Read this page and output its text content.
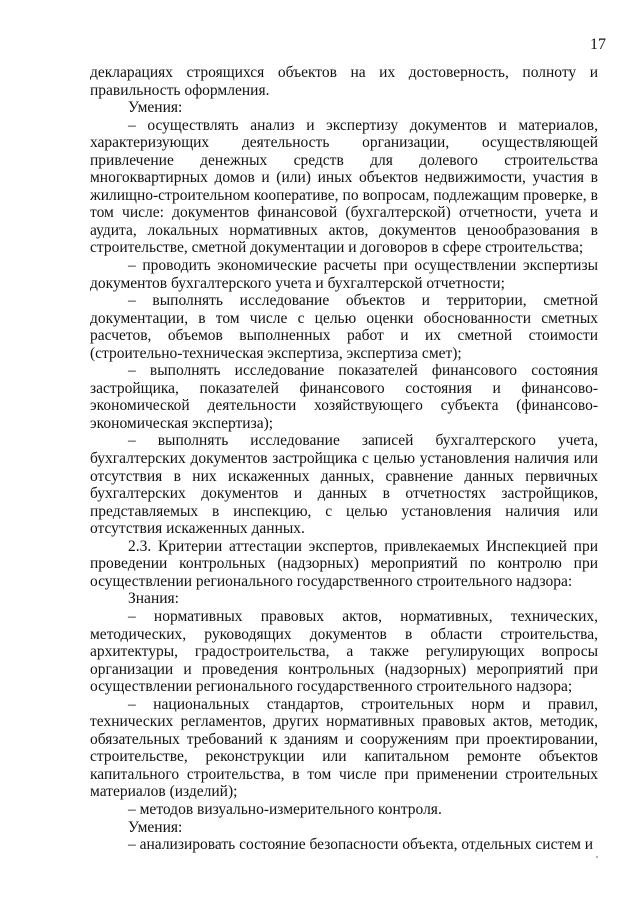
17

декларациях строящихся объектов на их достоверность, полноту и правильность оформления.

Умения:

– осуществлять анализ и экспертизу документов и материалов, характеризующих деятельность организации, осуществляющей привлечение денежных средств для долевого строительства многоквартирных домов и (или) иных объектов недвижимости, участия в жилищно-строительном кооперативе, по вопросам, подлежащим проверке, в том числе: документов финансовой (бухгалтерской) отчетности, учета и аудита, локальных нормативных актов, документов ценообразования в строительстве, сметной документации и договоров в сфере строительства;

– проводить экономические расчеты при осуществлении экспертизы документов бухгалтерского учета и бухгалтерской отчетности;

– выполнять исследование объектов и территории, сметной документации, в том числе с целью оценки обоснованности сметных расчетов, объемов выполненных работ и их сметной стоимости (строительно-техническая экспертиза, экспертиза смет);

– выполнять исследование показателей финансового состояния застройщика, показателей финансового состояния и финансово-экономической деятельности хозяйствующего субъекта (финансово-экономическая экспертиза);

– выполнять исследование записей бухгалтерского учета, бухгалтерских документов застройщика с целью установления наличия или отсутствия в них искаженных данных, сравнение данных первичных бухгалтерских документов и данных в отчетностях застройщиков, представляемых в инспекцию, с целью установления наличия или отсутствия искаженных данных.

2.3. Критерии аттестации экспертов, привлекаемых Инспекцией при проведении контрольных (надзорных) мероприятий по контролю при осуществлении регионального государственного строительного надзора:

Знания:

– нормативных правовых актов, нормативных, технических, методических, руководящих документов в области строительства, архитектуры, градостроительства, а также регулирующих вопросы организации и проведения контрольных (надзорных) мероприятий при осуществлении регионального государственного строительного надзора;

– национальных стандартов, строительных норм и правил, технических регламентов, других нормативных правовых актов, методик, обязательных требований к зданиям и сооружениям при проектировании, строительстве, реконструкции или капитальном ремонте объектов капитального строительства, в том числе при применении строительных материалов (изделий);

– методов визуально-измерительного контроля.

Умения:

– анализировать состояние безопасности объекта, отдельных систем и
